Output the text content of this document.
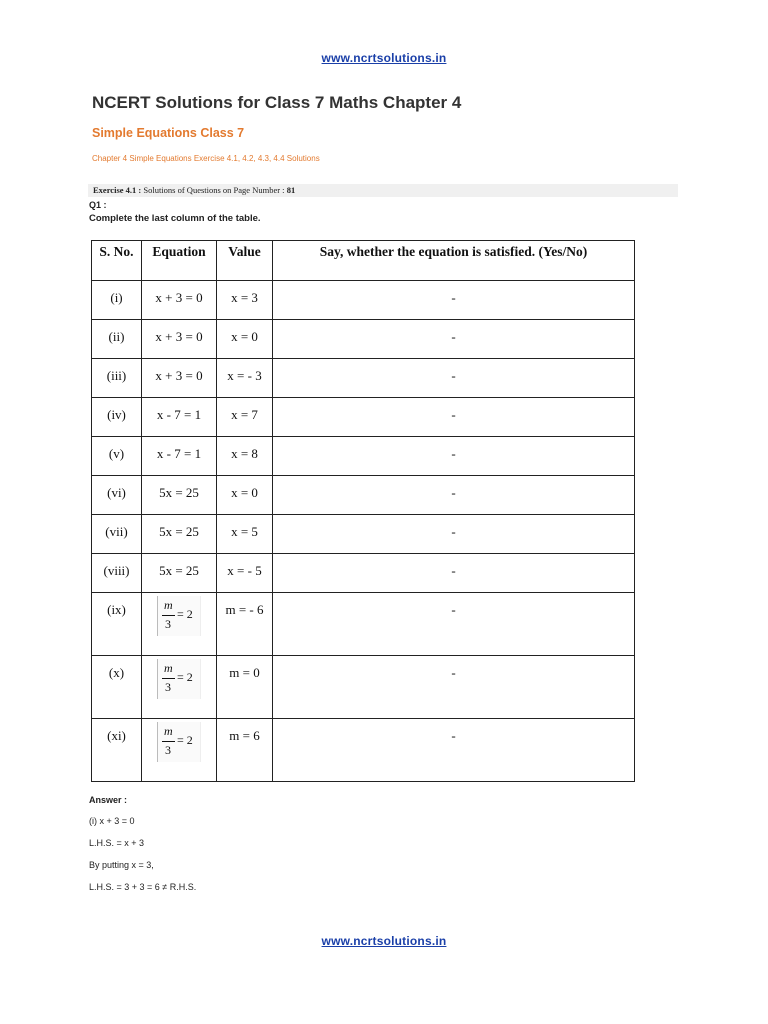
www.ncrtsolutions.in
NCERT Solutions for Class 7 Maths Chapter 4
Simple Equations Class 7
Chapter 4 Simple Equations Exercise 4.1, 4.2, 4.3, 4.4 Solutions
Exercise 4.1 : Solutions of Questions on Page Number : 81
Q1 :
Complete the last column of the table.
S. No.	Equation	Value	Say, whether the equation is satisfied. (Yes/No)
(i)	x + 3 = 0	x = 3	-
(ii)	x + 3 = 0	x = 0	-
(iii)	x + 3 = 0	x = - 3	-
(iv)	x - 7 = 1	x = 7	-
(v)	x - 7 = 1	x = 8	-
(vi)	5x = 25	x = 0	-
(vii)	5x = 25	x = 5	-
(viii)	5x = 25	x = - 5	-
(ix)	m
3
= 2	m = - 6	-
(x)	m
3
= 2	m = 0	-
(xi)	m
3
= 2	m = 6	-
Answer :
(i) x + 3 = 0
L.H.S. = x + 3
By putting x = 3,
L.H.S. = 3 + 3 = 6 ≠ R.H.S.
www.ncrtsolutions.in
